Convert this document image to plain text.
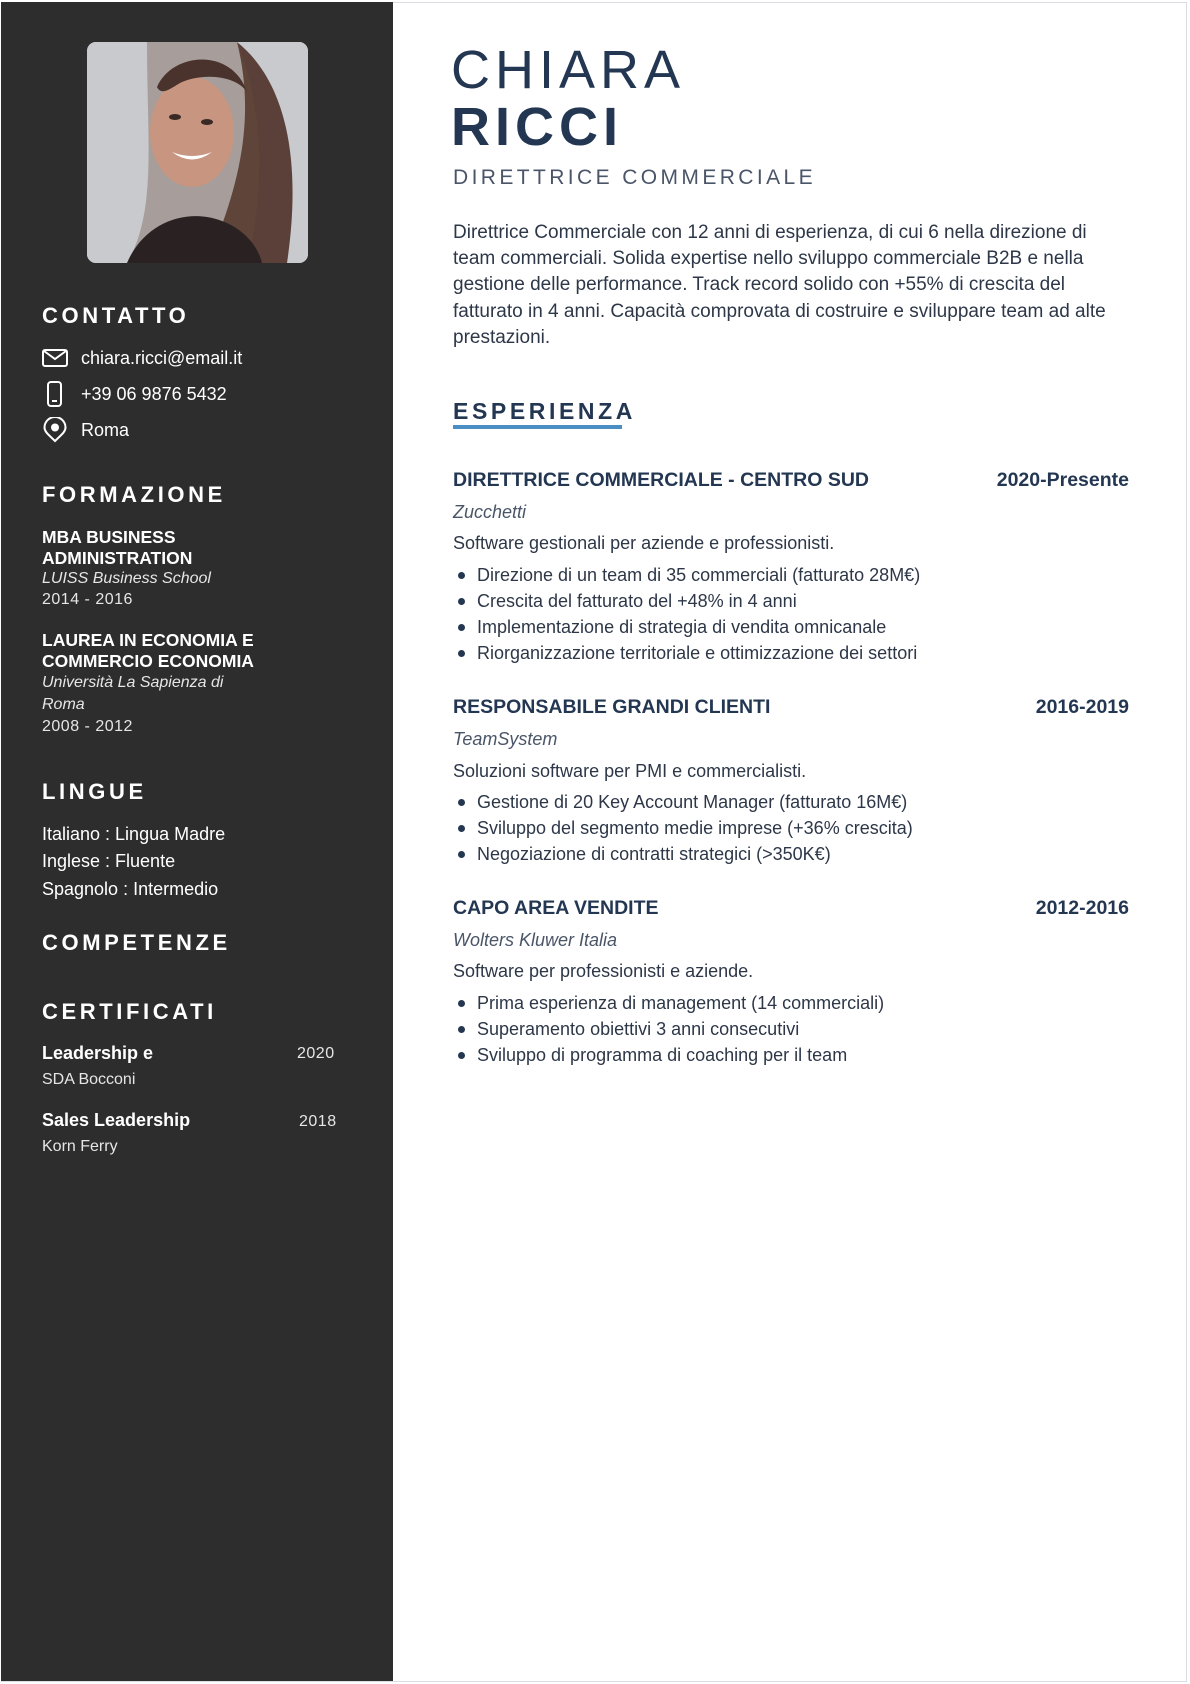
CONTATTO
chiara.ricci@email.it
+39 06 9876 5432
Roma
FORMAZIONE
MBA BUSINESS
ADMINISTRATION
LUISS Business School
2014 - 2016
LAUREA IN ECONOMIA E
COMMERCIO ECONOMIA
Università La Sapienza di
Roma
2008 - 2012
LINGUE
Italiano : Lingua Madre
Inglese : Fluente
Spagnolo : Intermedio
COMPETENZE
CERTIFICATI
Leadership e	2020
SDA Bocconi
Sales Leadership	2018
Korn Ferry
CHIARA
RICCI
DIRETTRICE COMMERCIALE
Direttrice Commerciale con 12 anni di esperienza, di cui 6 nella direzione di team commerciali. Solida expertise nello sviluppo commerciale B2B e nella gestione delle performance. Track record solido con +55% di crescita del fatturato in 4 anni. Capacità comprovata di costruire e sviluppare team ad alte prestazioni.
ESPERIENZA
DIRETTRICE COMMERCIALE - CENTRO SUD	2020-Presente
Zucchetti
Software gestionali per aziende e professionisti.
Direzione di un team di 35 commerciali (fatturato 28M€)
Crescita del fatturato del +48% in 4 anni
Implementazione di strategia di vendita omnicanale
Riorganizzazione territoriale e ottimizzazione dei settori
RESPONSABILE GRANDI CLIENTI	2016-2019
TeamSystem
Soluzioni software per PMI e commercialisti.
Gestione di 20 Key Account Manager (fatturato 16M€)
Sviluppo del segmento medie imprese (+36% crescita)
Negoziazione di contratti strategici (>350K€)
CAPO AREA VENDITE	2012-2016
Wolters Kluwer Italia
Software per professionisti e aziende.
Prima esperienza di management (14 commerciali)
Superamento obiettivi 3 anni consecutivi
Sviluppo di programma di coaching per il team
